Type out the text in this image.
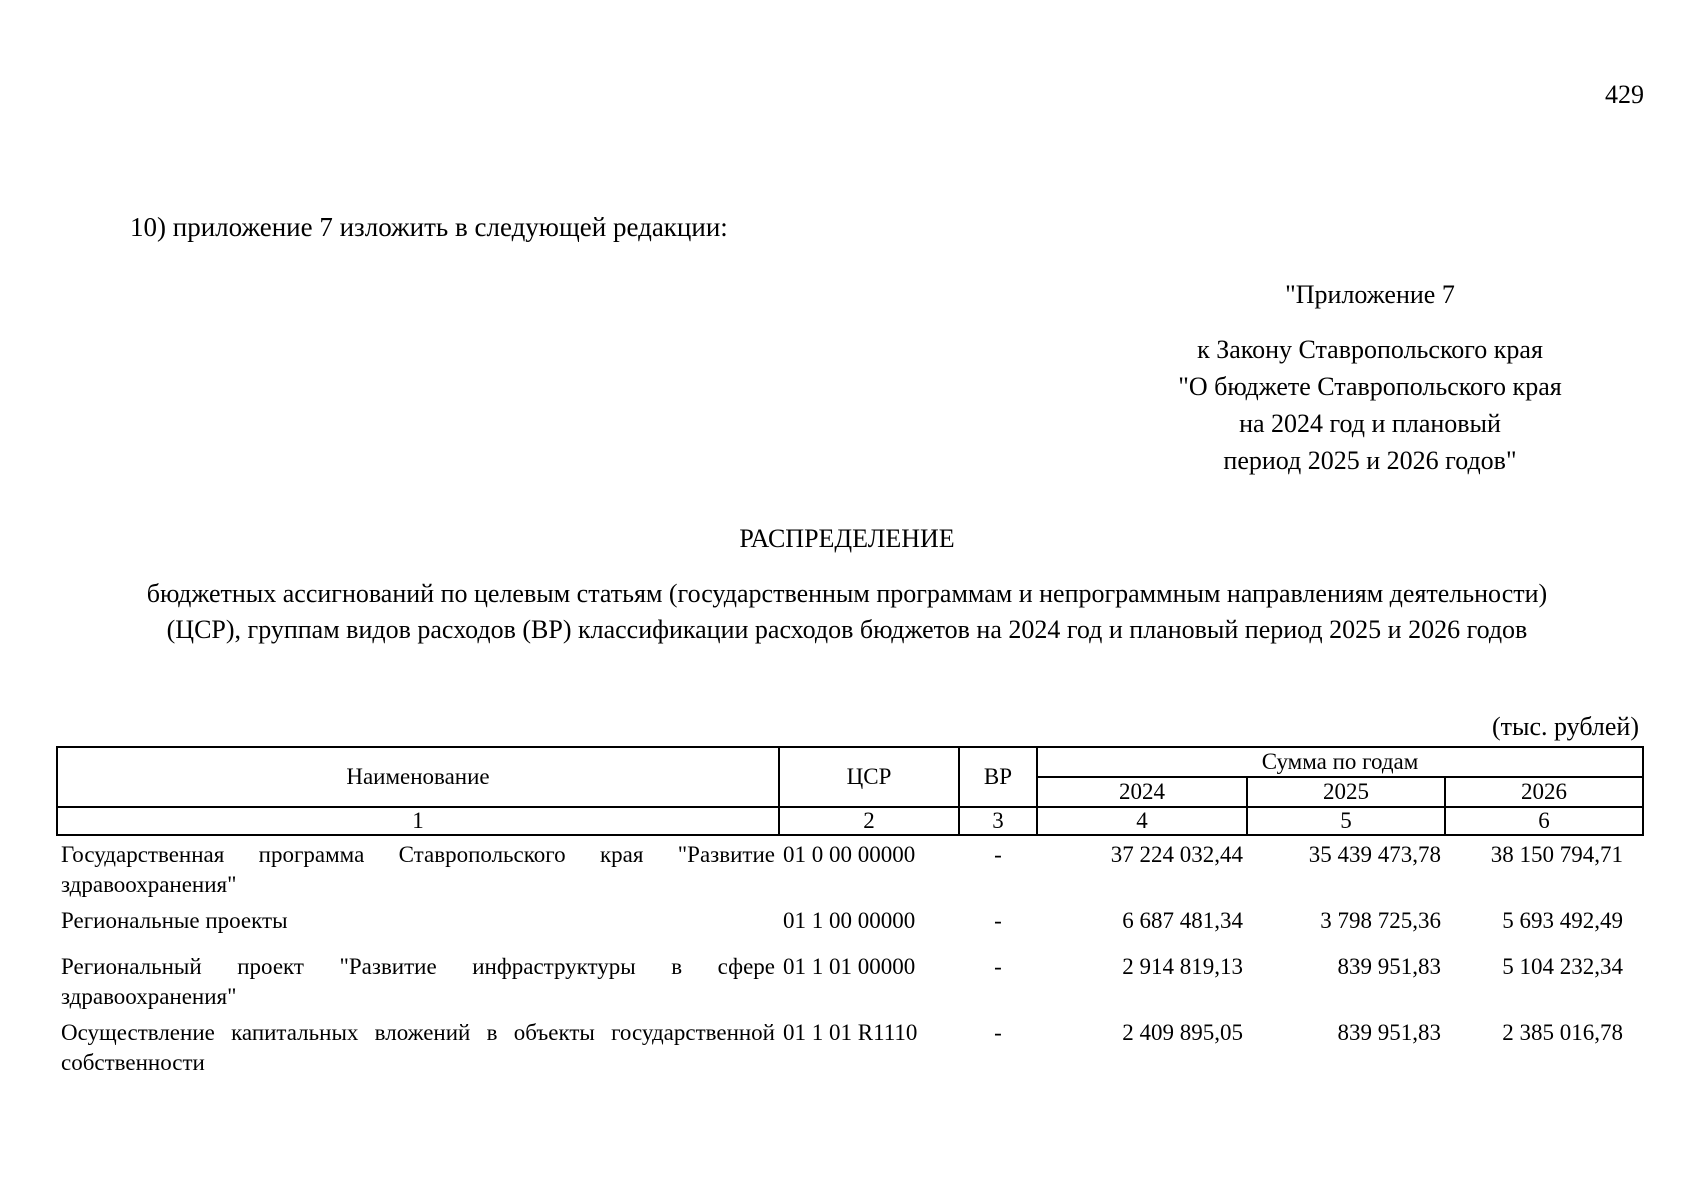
429
10) приложение 7 изложить в следующей редакции:
"Приложение 7
к Закону Ставропольского края
"О бюджете Ставропольского края
на 2024 год и плановый
период 2025 и 2026 годов"
РАСПРЕДЕЛЕНИЕ
бюджетных ассигнований по целевым статьям (государственным программам и непрограммным направлениям деятельности)
(ЦСР), группам видов расходов (ВР) классификации расходов бюджетов на 2024 год и плановый период 2025 и 2026 годов
(тыс. рублей)
Наименование	ЦСР	ВР	Сумма по годам		
			2024	2025	2026
1	2	3	4	5	6
Государственная программа Ставропольского края "Развитие здравоохранения"	01 0 00 00000	-	37 224 032,44	35 439 473,78	38 150 794,71
Региональные проекты	01 1 00 00000	-	6 687 481,34	3 798 725,36	5 693 492,49
Региональный проект "Развитие инфраструктуры в сфере здравоохранения"	01 1 01 00000	-	2 914 819,13	839 951,83	5 104 232,34
Осуществление капитальных вложений в объекты государственной собственности	01 1 01 R1110	-	2 409 895,05	839 951,83	2 385 016,78
